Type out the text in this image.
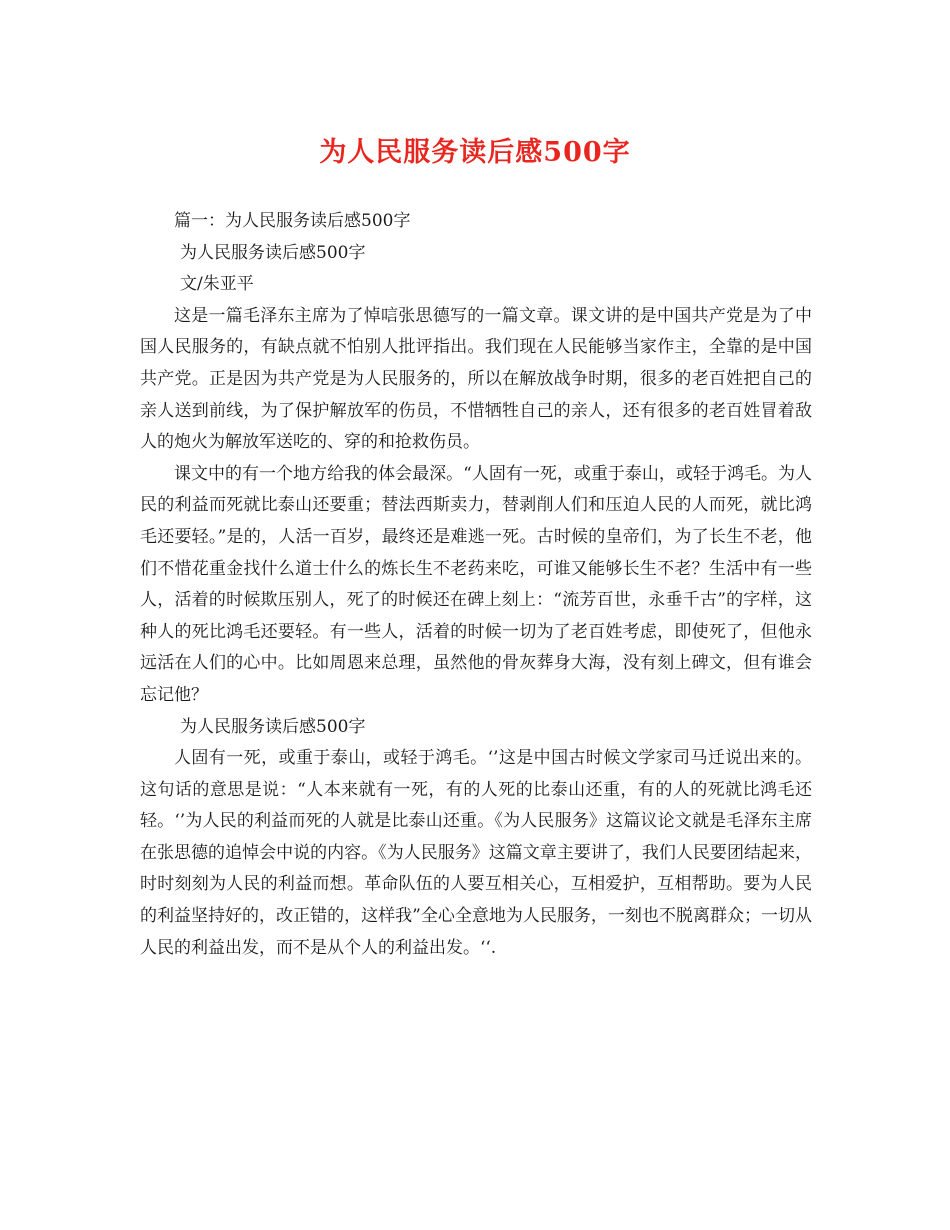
为人民服务读后感500字

篇一：为人民服务读后感500字

为人民服务读后感500字

文/朱亚平

这是一篇毛泽东主席为了悼唁张思德写的一篇文章。课文讲的是中国共产党是为了中国人民服务的，有缺点就不怕别人批评指出。我们现在人民能够当家作主，全靠的是中国共产党。正是因为共产党是为人民服务的，所以在解放战争时期，很多的老百姓把自己的亲人送到前线，为了保护解放军的伤员，不惜牺牲自己的亲人，还有很多的老百姓冒着敌人的炮火为解放军送吃的、穿的和抢救伤员。

课文中的有一个地方给我的体会最深。“人固有一死，或重于泰山，或轻于鸿毛。为人民的利益而死就比泰山还要重；替法西斯卖力，替剥削人们和压迫人民的人而死，就比鸿毛还要轻。”是的，人活一百岁，最终还是难逃一死。古时候的皇帝们，为了长生不老，他们不惜花重金找什么道士什么的炼长生不老药来吃，可谁又能够长生不老？生活中有一些人，活着的时候欺压别人，死了的时候还在碑上刻上：“流芳百世，永垂千古”的字样，这种人的死比鸿毛还要轻。有一些人，活着的时候一切为了老百姓考虑，即使死了，但他永远活在人们的心中。比如周恩来总理，虽然他的骨灰葬身大海，没有刻上碑文，但有谁会忘记他？

为人民服务读后感500字

人固有一死，或重于泰山，或轻于鸿毛。‘’这是中国古时候文学家司马迁说出来的。这句话的意思是说：“人本来就有一死，有的人死的比泰山还重，有的人的死就比鸿毛还轻。‘’为人民的利益而死的人就是比泰山还重。《为人民服务》这篇议论文就是毛泽东主席在张思德的追悼会中说的内容。《为人民服务》这篇文章主要讲了，我们人民要团结起来，时时刻刻为人民的利益而想。革命队伍的人要互相关心，互相爱护，互相帮助。要为人民的利益坚持好的，改正错的，这样我”全心全意地为人民服务，一刻也不脱离群众；一切从人民的利益出发，而不是从个人的利益出发。‘‘.
